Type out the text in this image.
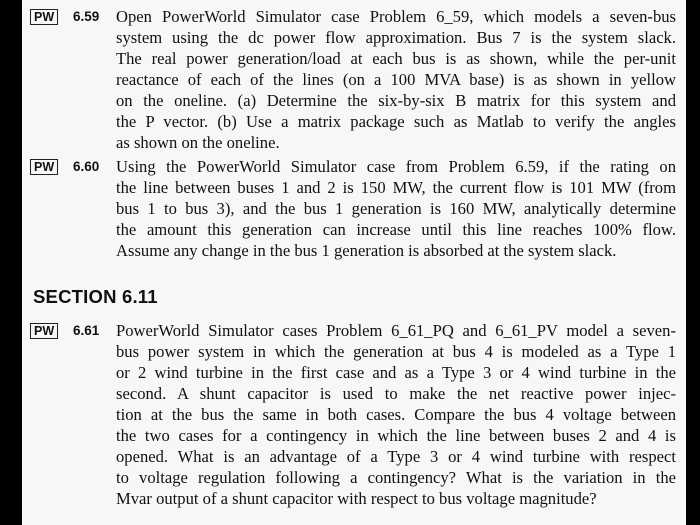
PW 6.59 Open PowerWorld Simulator case Problem 6_59, which models a seven-bus
system using the dc power flow approximation. Bus 7 is the system slack.
The real power generation/load at each bus is as shown, while the per-unit
reactance of each of the lines (on a 100 MVA base) is as shown in yellow
on the oneline. (a) Determine the six-by-six B matrix for this system and
the P vector. (b) Use a matrix package such as Matlab to verify the angles
as shown on the oneline.
PW 6.60 Using the PowerWorld Simulator case from Problem 6.59, if the rating on
the line between buses 1 and 2 is 150 MW, the current flow is 101 MW (from
bus 1 to bus 3), and the bus 1 generation is 160 MW, analytically determine
the amount this generation can increase until this line reaches 100% flow.
Assume any change in the bus 1 generation is absorbed at the system slack.
SECTION 6.11
PW 6.61 PowerWorld Simulator cases Problem 6_61_PQ and 6_61_PV model a seven-
bus power system in which the generation at bus 4 is modeled as a Type 1
or 2 wind turbine in the first case and as a Type 3 or 4 wind turbine in the
second. A shunt capacitor is used to make the net reactive power injec-
tion at the bus the same in both cases. Compare the bus 4 voltage between
the two cases for a contingency in which the line between buses 2 and 4 is
opened. What is an advantage of a Type 3 or 4 wind turbine with respect
to voltage regulation following a contingency? What is the variation in the
Mvar output of a shunt capacitor with respect to bus voltage magnitude?
